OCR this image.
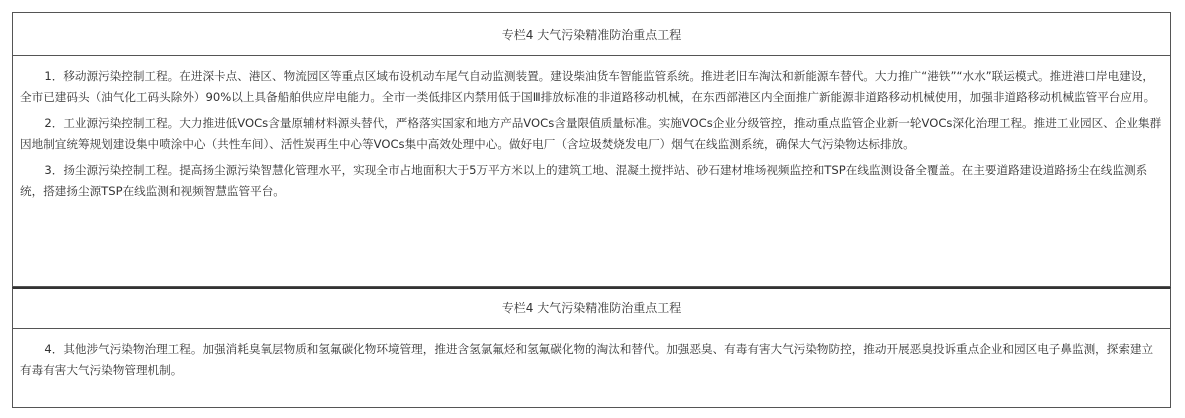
专栏4 大气污染精准防治重点工程

1．移动源污染控制工程。在进深卡点、港区、物流园区等重点区域布设机动车尾气自动监测装置。建设柴油货车智能监管系统。推进老旧车淘汰和新能源车替代。大力推广“港铁”“水水”联运模式。推进港口岸电建设，全市已建码头（油气化工码头除外）90%以上具备船舶供应岸电能力。全市一类低排区内禁用低于国Ⅲ排放标准的非道路移动机械，在东西部港区内全面推广新能源非道路移动机械使用，加强非道路移动机械监管平台应用。

2．工业源污染控制工程。大力推进低VOCs含量原辅材料源头替代，严格落实国家和地方产品VOCs含量限值质量标准。实施VOCs企业分级管控，推动重点监管企业新一轮VOCs深化治理工程。推进工业园区、企业集群因地制宜统筹规划建设集中喷涂中心（共性车间）、活性炭再生中心等VOCs集中高效处理中心。做好电厂（含垃圾焚烧发电厂）烟气在线监测系统，确保大气污染物达标排放。

3．扬尘源污染控制工程。提高扬尘源污染智慧化管理水平，实现全市占地面积大于5万平方米以上的建筑工地、混凝土搅拌站、砂石建材堆场视频监控和TSP在线监测设备全覆盖。在主要道路建设道路扬尘在线监测系统，搭建扬尘源TSP在线监测和视频智慧监管平台。

专栏4 大气污染精准防治重点工程

4．其他涉气污染物治理工程。加强消耗臭氧层物质和氢氟碳化物环境管理，推进含氢氯氟烃和氢氟碳化物的淘汰和替代。加强恶臭、有毒有害大气污染物防控，推动开展恶臭投诉重点企业和园区电子鼻监测，探索建立有毒有害大气污染物管理机制。
